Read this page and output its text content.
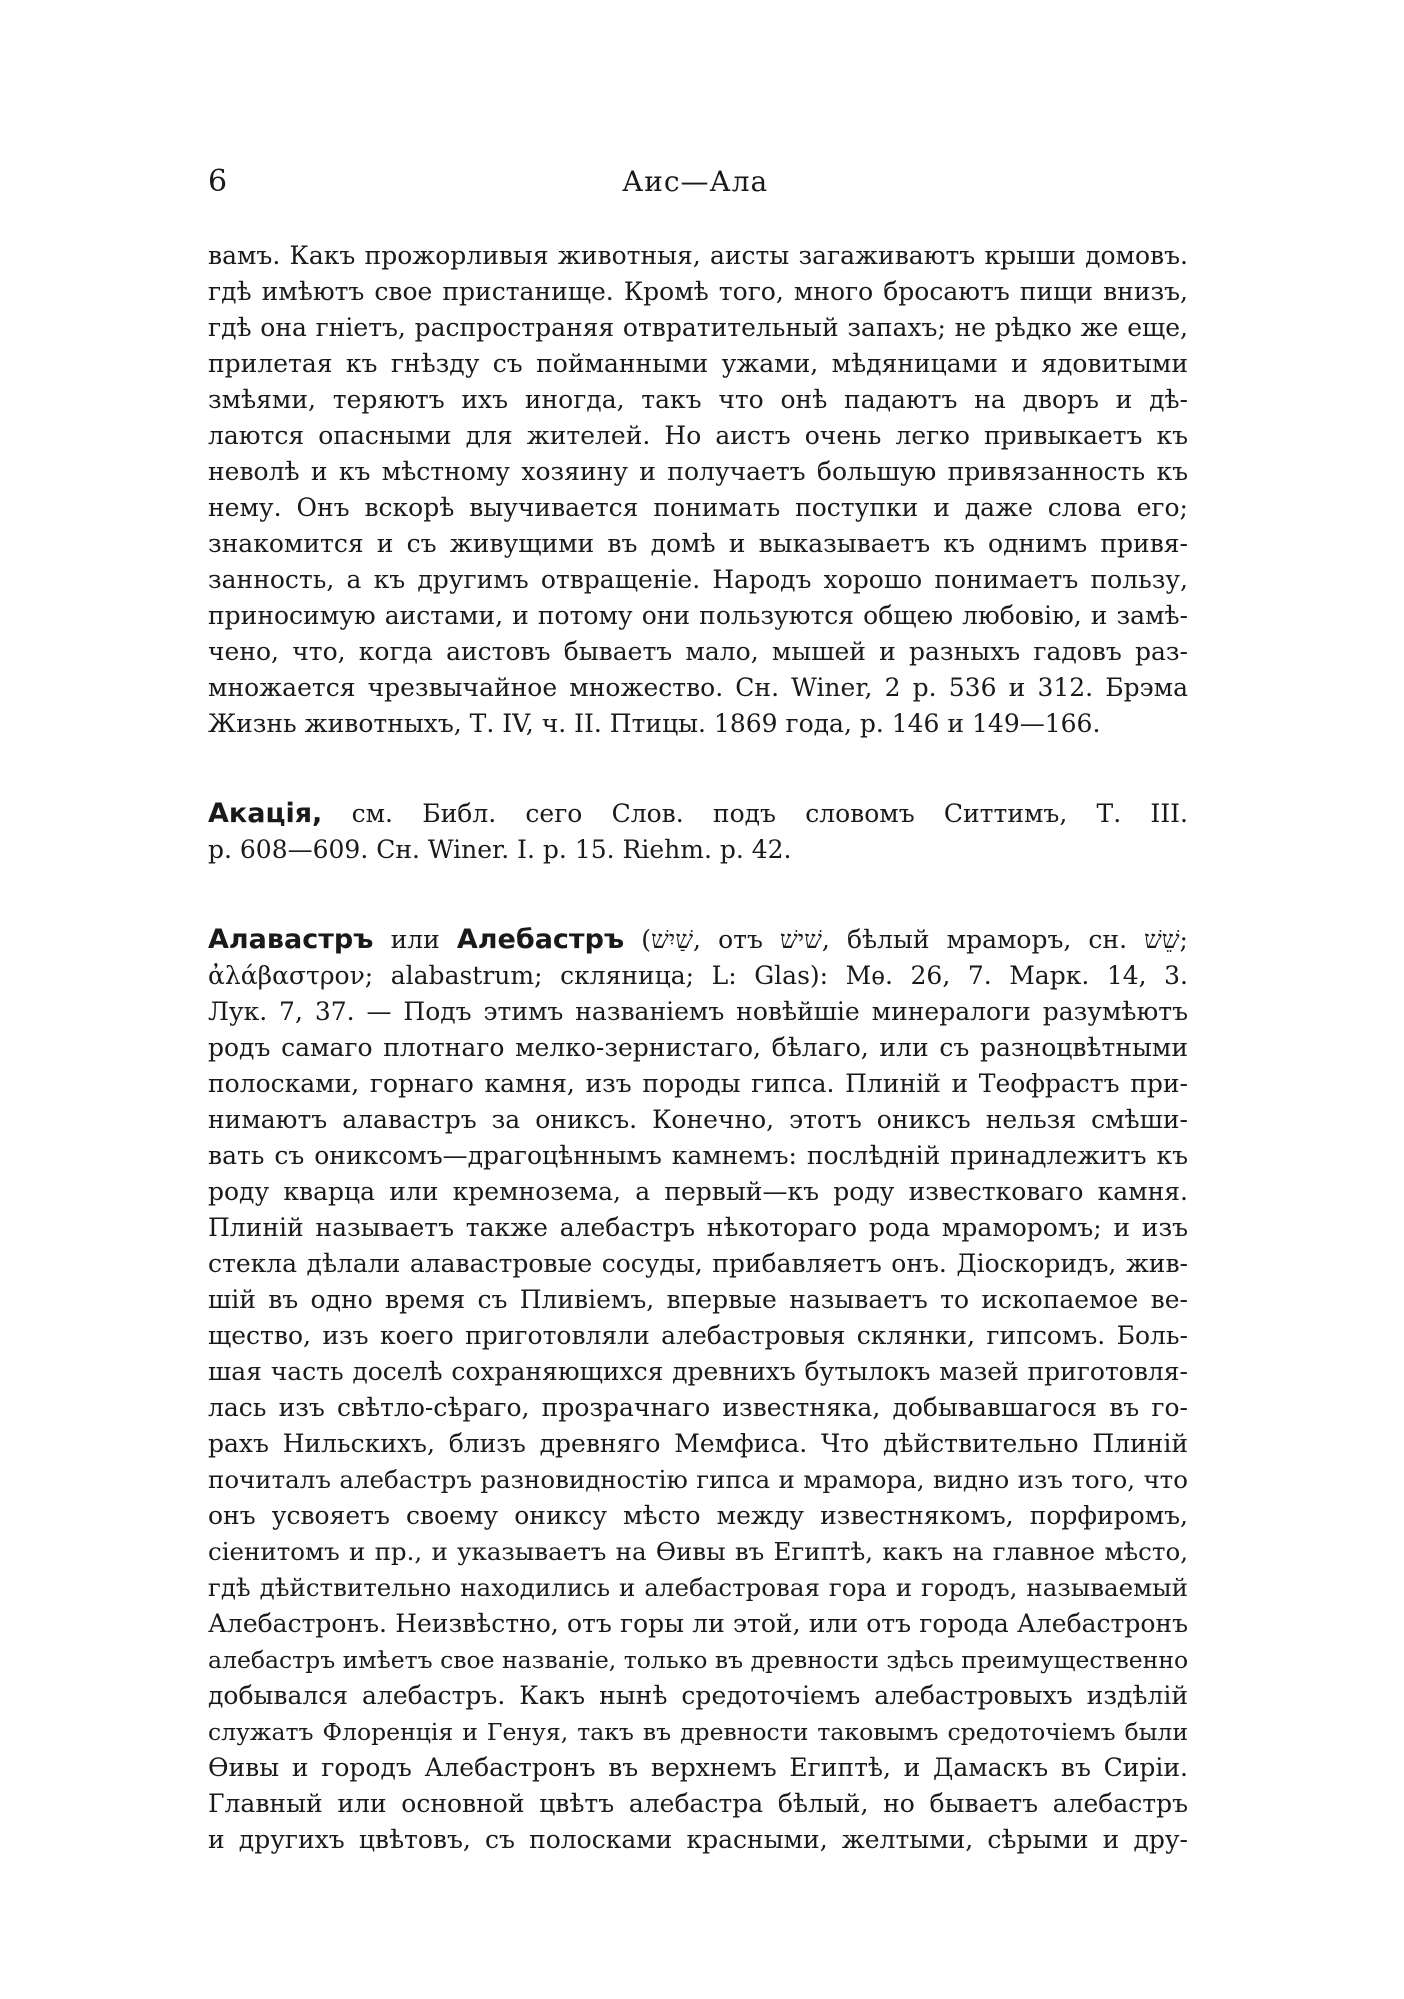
6	Аис—Ала
вамъ. Какъ прожорливыя животныя, аисты загаживаютъ крыши домовъ.
гдѣ имѣютъ свое пристанище. Кромѣ того, много бросаютъ пищи внизъ,
гдѣ она гніетъ, распространяя отвратительный запахъ; не рѣдко же еще,
прилетая къ гнѣзду съ пойманными ужами, мѣдяницами и ядовитыми
змѣями, теряютъ ихъ иногда, такъ что онѣ падаютъ на дворъ и дѣ-
лаются опасными для жителей. Но аистъ очень легко привыкаетъ къ
неволѣ и къ мѣстному хозяину и получаетъ большую привязанность къ
нему. Онъ вскорѣ выучивается понимать поступки и даже слова его;
знакомится и съ живущими въ домѣ и выказываетъ къ однимъ привя-
занность, а къ другимъ отвращеніе. Народъ хорошо понимаетъ пользу,
приносимую аистами, и потому они пользуются общею любовію, и замѣ-
чено, что, когда аистовъ бываетъ мало, мышей и разныхъ гадовъ раз-
множается чрезвычайное множество. Сн. Winer, 2 p. 536 и 312. Брэма
Жизнь животныхъ, Т. IV, ч. II. Птицы. 1869 года, р. 146 и 149—166.
Акація, см. Библ. сего Слов. подъ словомъ Ситтимъ, Т. III.
р. 608—609. Сн. Winer. I. p. 15. Riehm. p. 42.
Алавастръ или Алебастръ (שַׁיִשׁ, отъ שׁישׁ, бѣлый мраморъ, сн. שֵׁשׁ;
ἀλάβαστρον; alabastrum; скляница; L: Glas): Мѳ. 26, 7. Марк. 14, 3.
Лук. 7, 37. — Подъ этимъ названіемъ новѣйшіе минералоги разумѣютъ
родъ самаго плотнаго мелко-зернистаго, бѣлаго, или съ разноцвѣтными
полосками, горнаго камня, изъ породы гипса. Плиній и Теофрастъ при-
нимаютъ алавастръ за ониксъ. Конечно, этотъ ониксъ нельзя смѣши-
вать съ ониксомъ—драгоцѣннымъ камнемъ: послѣдній принадлежитъ къ
роду кварца или кремнозема, а первый—къ роду известковаго камня.
Плиній называетъ также алебастръ нѣкотораго рода мраморомъ; и изъ
стекла дѣлали алавастровые сосуды, прибавляетъ онъ. Діоскоридъ, жив-
шій въ одно время съ Пливіемъ, впервые называетъ то ископаемое ве-
щество, изъ коего приготовляли алебастровыя склянки, гипсомъ. Боль-
шая часть доселѣ сохраняющихся древнихъ бутылокъ мазей приготовля-
лась изъ свѣтло-сѣраго, прозрачнаго известняка, добывавшагося въ го-
рахъ Нильскихъ, близъ древняго Мемфиса. Что дѣйствительно Плиній
почиталъ алебастръ разновидностію гипса и мрамора, видно изъ того, что
онъ усвояетъ своему ониксу мѣсто между известнякомъ, порфиромъ,
сіенитомъ и пр., и указываетъ на Ѳивы въ Египтѣ, какъ на главное мѣсто,
гдѣ дѣйствительно находились и алебастровая гора и городъ, называемый
Алебастронъ. Неизвѣстно, отъ горы ли этой, или отъ города Алебастронъ
алебастръ имѣетъ свое названіе, только въ древности здѣсь преимущественно
добывался алебастръ. Какъ нынѣ средоточіемъ алебастровыхъ издѣлій
служатъ Флоренція и Генуя, такъ въ древности таковымъ средоточіемъ были
Ѳивы и городъ Алебастронъ въ верхнемъ Египтѣ, и Дамаскъ въ Сиріи.
Главный или основной цвѣтъ алебастра бѣлый, но бываетъ алебастръ
и другихъ цвѣтовъ, съ полосками красными, желтыми, сѣрыми и дру-
